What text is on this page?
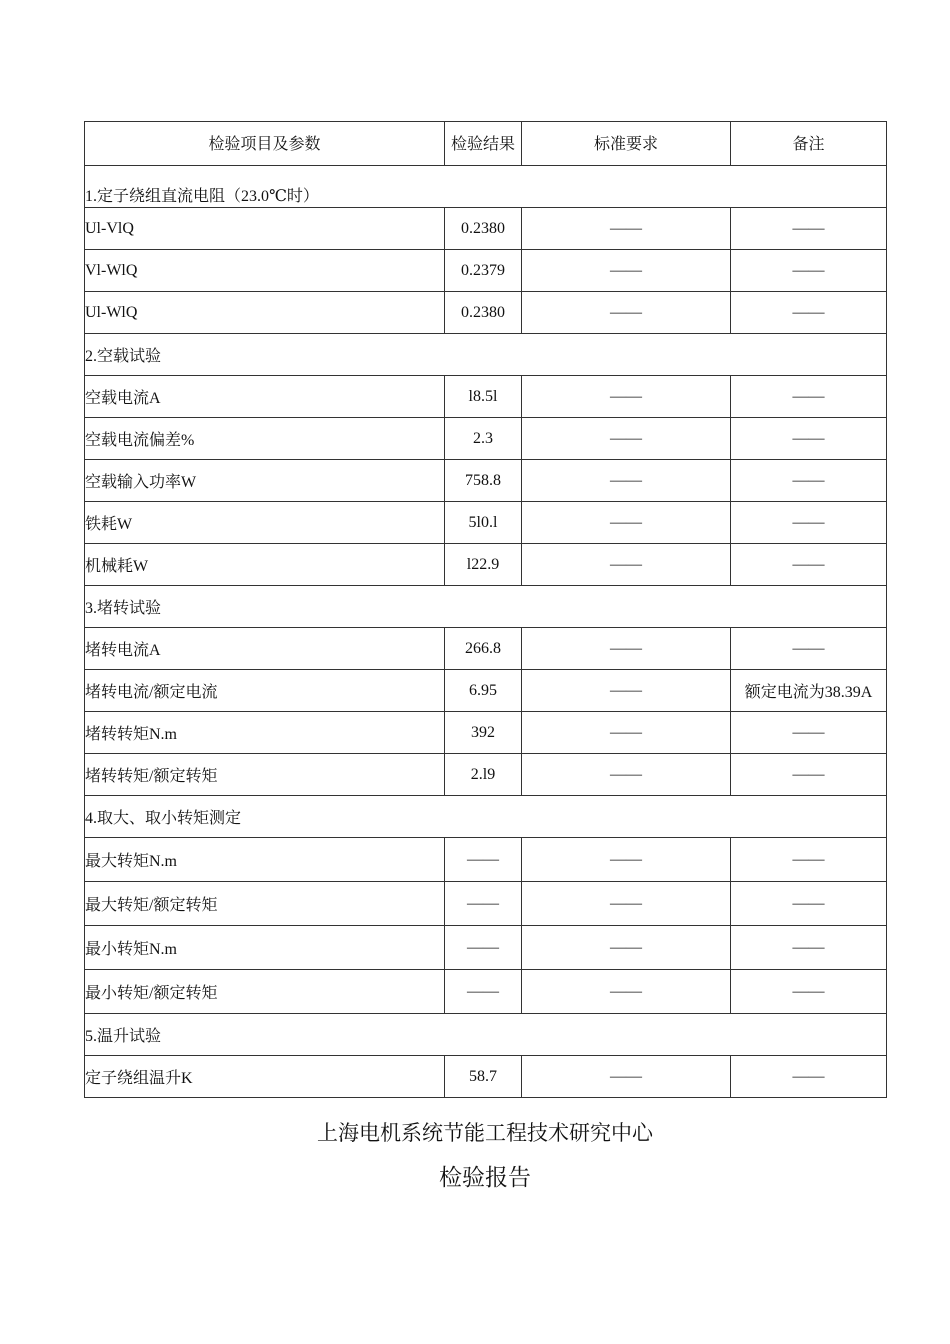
检验项目及参数	检验结果	标准要求	备注
1.定子绕组直流电阻（23.0℃时）			
Ul-VlQ	0.2380	——	——
Vl-WlQ	0.2379	——	——
Ul-WlQ	0.2380	——	——
2.空载试验			
空载电流A	l8.5l	——	——
空载电流偏差%	2.3	——	——
空载输入功率W	758.8	——	——
铁耗W	5l0.l	——	——
机械耗W	l22.9	——	——
3.堵转试验			
堵转电流A	266.8	——	——
堵转电流/额定电流	6.95	——	额定电流为38.39A
堵转转矩N.m	392	——	——
堵转转矩/额定转矩	2.l9	——	——
4.取大、取小转矩测定			
最大转矩N.m	——	——	——
最大转矩/额定转矩	——	——	——
最小转矩N.m	——	——	——
最小转矩/额定转矩	——	——	——
5.温升试验			
定子绕组温升K	58.7	——	——
上海电机系统节能工程技术研究中心
检验报告
